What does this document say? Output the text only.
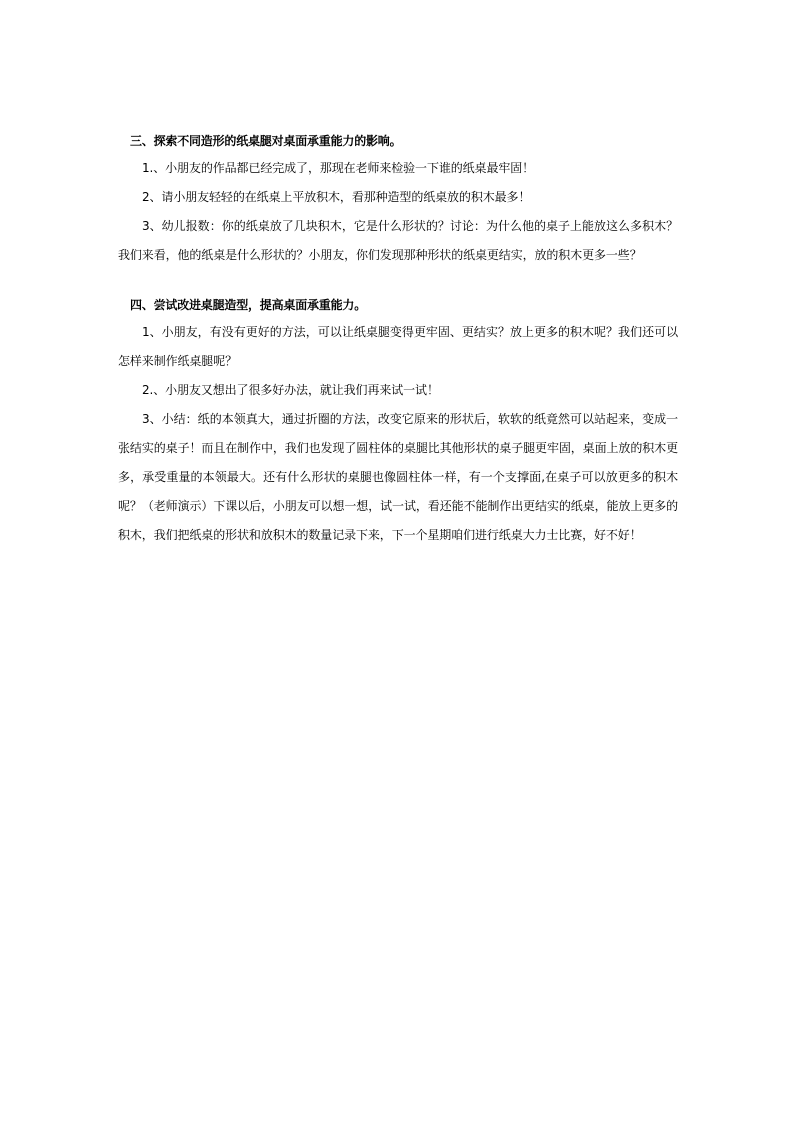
三、探索不同造形的纸桌腿对桌面承重能力的影响。

1.、小朋友的作品都已经完成了，那现在老师来检验一下谁的纸桌最牢固！

2、请小朋友轻轻的在纸桌上平放积木，看那种造型的纸桌放的积木最多！

3、幼儿报数：你的纸桌放了几块积木，它是什么形状的？讨论：为什么他的桌子上能放这么多积木？我们来看，他的纸桌是什么形状的？小朋友，你们发现那种形状的纸桌更结实，放的积木更多一些？

四、尝试改进桌腿造型，提高桌面承重能力。

1、小朋友，有没有更好的方法，可以让纸桌腿变得更牢固、更结实？放上更多的积木呢？我们还可以怎样来制作纸桌腿呢？

2.、小朋友又想出了很多好办法，就让我们再来试一试！

3、小结：纸的本领真大，通过折圈的方法，改变它原来的形状后，软软的纸竟然可以站起来，变成一张结实的桌子！而且在制作中，我们也发现了圆柱体的桌腿比其他形状的桌子腿更牢固，桌面上放的积木更多，承受重量的本领最大。还有什么形状的桌腿也像圆柱体一样，有一个支撑面,在桌子可以放更多的积木呢？（老师演示）下课以后，小朋友可以想一想，试一试，看还能不能制作出更结实的纸桌，能放上更多的积木，我们把纸桌的形状和放积木的数量记录下来，下一个星期咱们进行纸桌大力士比赛，好不好！
